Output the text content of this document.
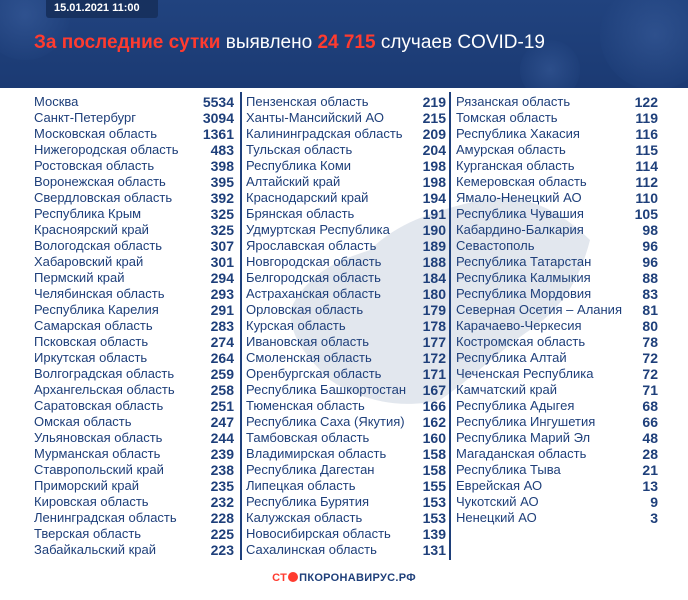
15.01.2021 11:00
За последние сутки выявлено 24 715 случаев COVID-19
Москва	5534
Санкт-Петербург	3094
Московская область	1361
Нижегородская область 483
Ростовская область	398
Воронежская область	395
Свердловская область	392
Республика Крым	325
Красноярский край	325
Вологодская область	307
Хабаровский край	301
Пермский край	294
Челябинская область	293
Республика Карелия	291
Самарская область	283
Псковская область	274
Иркутская область	264
Волгоградская область	259
Архангельская область	258
Саратовская область	251
Омская область	247
Ульяновская область	244
Мурманская область	239
Ставропольский край	238
Приморский край	235
Кировская область	232
Ленинградская область 228
Тверская область	225
Забайкальский край	223
Пензенская область	219
Ханты-Мансийский АО	215
Калининградская область 209
Тульская область	204
Республика Коми	198
Алтайский край	198
Краснодарский край	194
Брянская область	191
Удмуртская Республика 190
Ярославская область	189
Новгородская область	188
Белгородская область	184
Астраханская область	180
Орловская область	179
Курская область	178
Ивановская область	177
Смоленская область	172
Оренбургская область	171
Республика Башкортостан 167
Тюменская область	166
Республика Саха (Якутия) 162
Тамбовская область	160
Владимирская область	158
Республика Дагестан	158
Липецкая область	155
Республика Бурятия	153
Калужская область	153
Новосибирская область 139
Сахалинская область	131
Рязанская область	122
Томская область	119
Республика Хакасия	116
Амурская область	115
Курганская область	114
Кемеровская область	112
Ямало-Ненецкий АО	110
Республика Чувашия	105
Кабардино-Балкария	98
Севастополь	96
Республика Татарстан	96
Республика Калмыкия	88
Республика Мордовия	83
Северная Осетия – Алания 81
Карачаево-Черкесия	80
Костромская область	78
Республика Алтай	72
Чеченская Республика	72
Камчатский край	71
Республика Адыгея	68
Республика Ингушетия	66
Республика Марий Эл	48
Магаданская область	28
Республика Тыва	21
Еврейская АО	13
Чукотский АО	9
Ненецкий АО	3
СТ ПКОРОНАВИРУС.РФ
